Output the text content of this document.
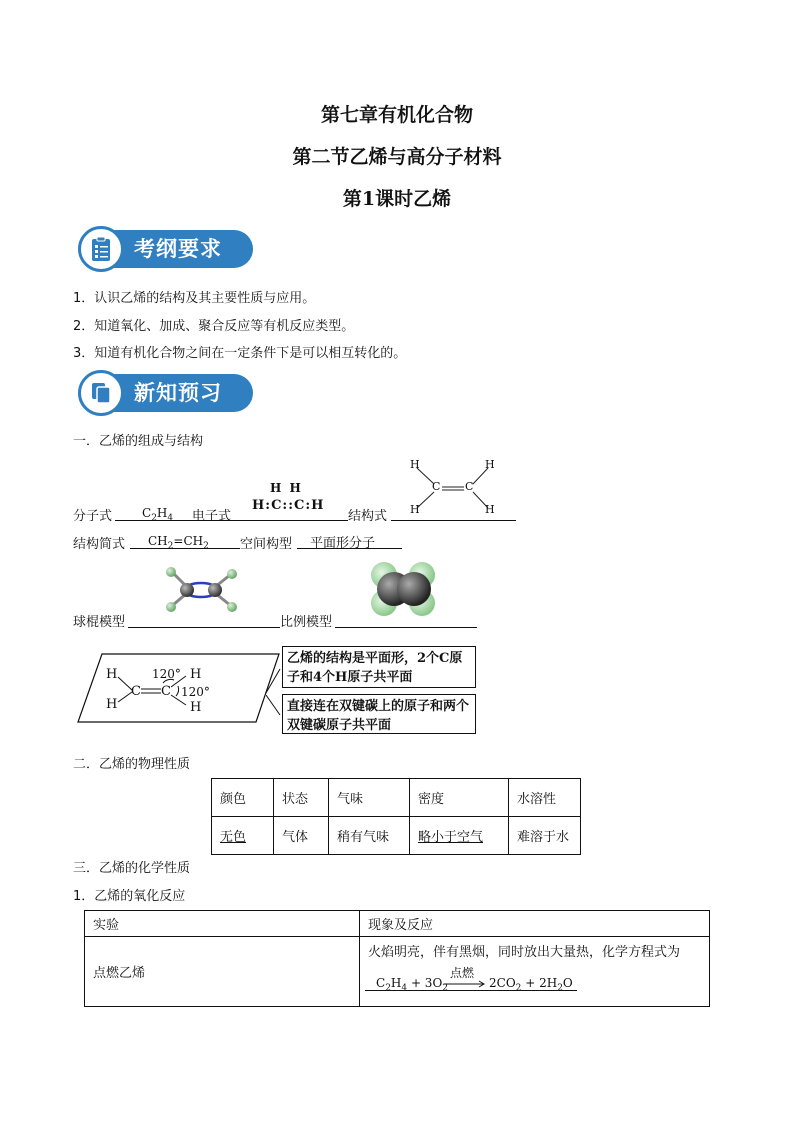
第七章有机化合物
第二节乙烯与高分子材料
第1课时乙烯
考纲要求
1．认识乙烯的结构及其主要性质与应用。
2．知道氧化、加成、聚合反应等有机反应类型。
3．知道有机化合物之间在一定条件下是可以相互转化的。
新知预习
一．乙烯的组成与结构
分子式 $C_2H_4$ 电子式
H H
H:C::C:H
结构式
H	H
H	H
C C
结构简式 $CH_2=CH_2$ 空间构型 平面形分子
球棍模型	比例模型
H
H
C C
120°
120°
H
H
乙烯的结构是平面形，2个C原子和4个H原子共平面
直接连在双键碳上的原子和两个双键碳原子共平面
二．乙烯的物理性质
颜色	状态	气味	密度	水溶性
无色	气体	稍有气味	略小于空气	难溶于水
三．乙烯的化学性质
1．乙烯的氧化反应
实验	现象及反应
点燃乙烯	火焰明亮，伴有黑烟，同时放出大量热，化学方程式为
$C_2H_4 + 3O_2$
点燃
→ $2CO_2 + 2H_2O$
